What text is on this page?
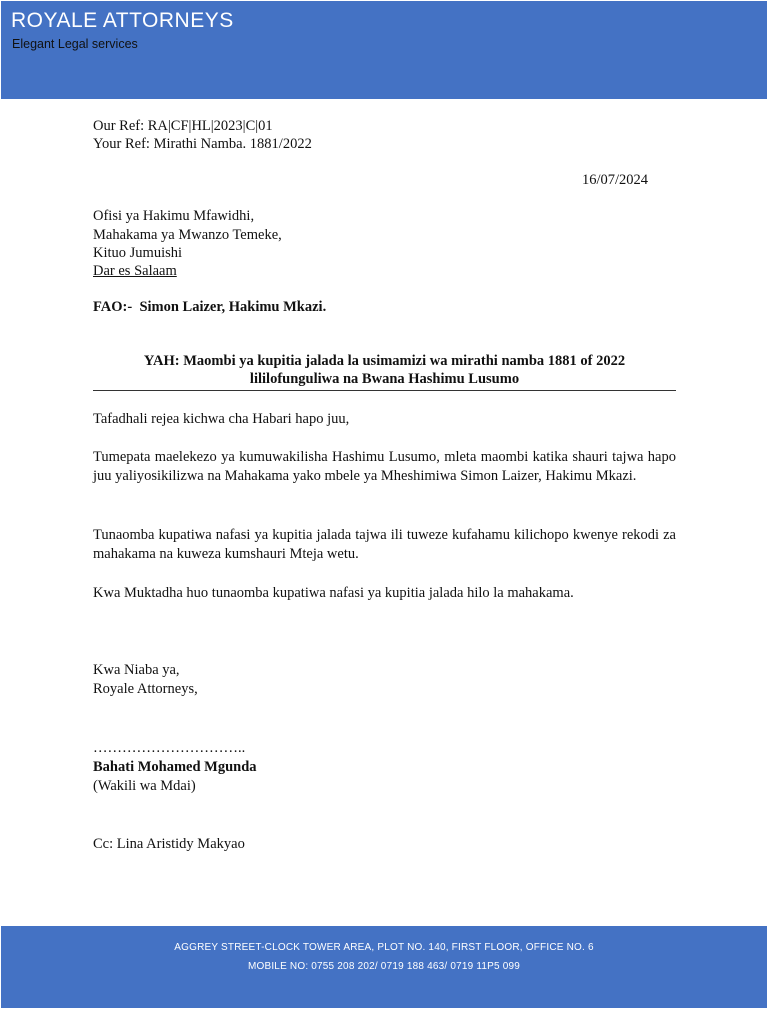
ROYALE ATTORNEYS
Elegant Legal services
Our Ref: RA|CF|HL|2023|C|01
Your Ref: Mirathi Namba. 1881/2022
16/07/2024
Ofisi ya Hakimu Mfawidhi,
Mahakama ya Mwanzo Temeke,
Kituo Jumuishi
Dar es Salaam
FAO:-  Simon Laizer, Hakimu Mkazi.
YAH: Maombi ya kupitia jalada la usimamizi wa mirathi namba 1881 of 2022
lililofunguliwa na Bwana Hashimu Lusumo
Tafadhali rejea kichwa cha Habari hapo juu,
Tumepata maelekezo ya kumuwakilisha Hashimu Lusumo, mleta maombi katika shauri tajwa hapo juu yaliyosikilizwa na Mahakama yako mbele ya Mheshimiwa Simon Laizer, Hakimu Mkazi.
Tunaomba kupatiwa nafasi ya kupitia jalada tajwa ili tuweze kufahamu kilichopo kwenye rekodi za mahakama na kuweza kumshauri Mteja wetu.
Kwa Muktadha huo tunaomba kupatiwa nafasi ya kupitia jalada hilo la mahakama.
Kwa Niaba ya,
Royale Attorneys,
…………………………..
Bahati Mohamed Mgunda
(Wakili wa Mdai)
Cc: Lina Aristidy Makyao
AGGREY STREET-CLOCK TOWER AREA, PLOT NO. 140, FIRST FLOOR, OFFICE NO. 6
MOBILE NO: 0755 208 202/ 0719 188 463/ 0719 11P5 099
